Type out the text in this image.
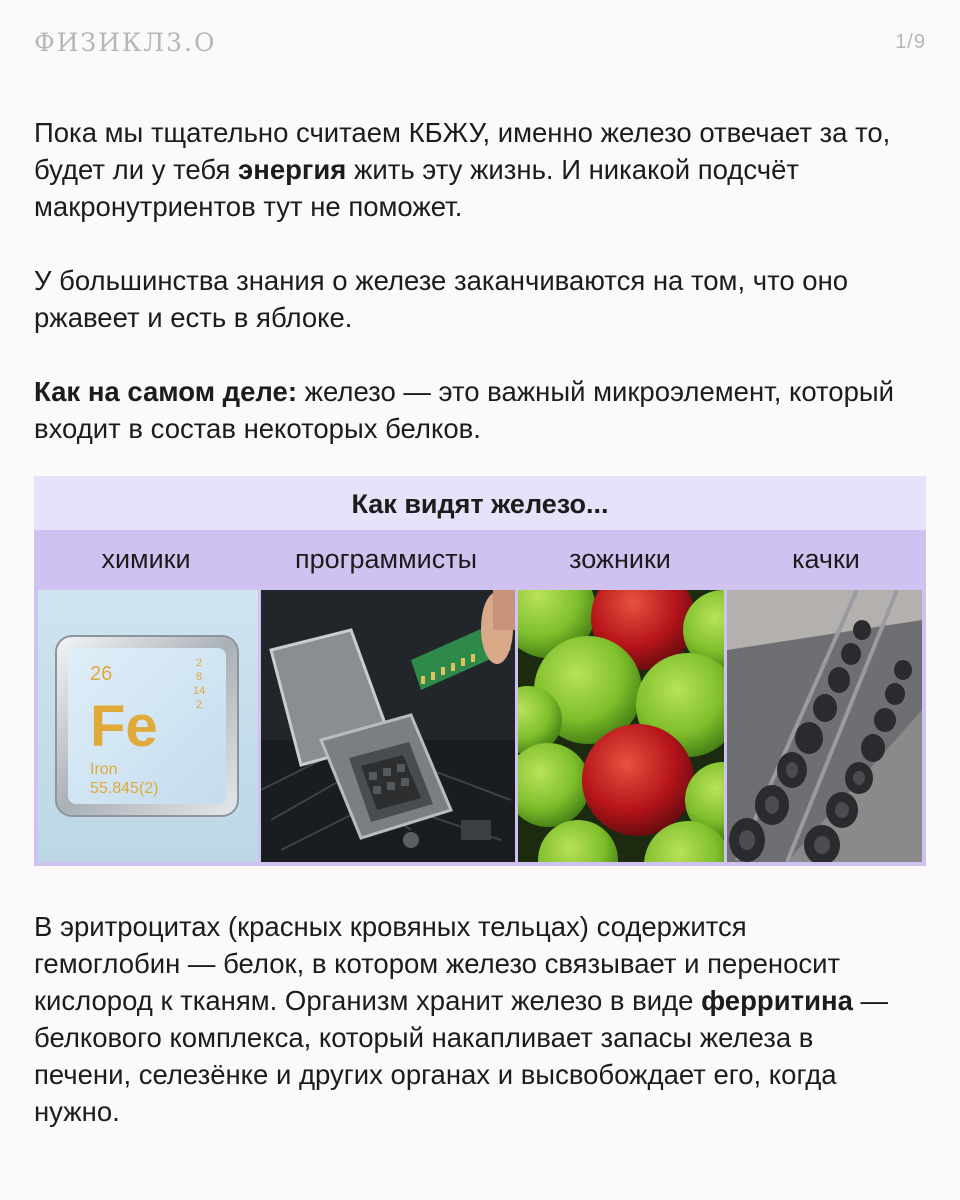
ФИЗИКЛ3.О	1/9

Пока мы тщательно считаем КБЖУ, именно железо отвечает за то, будет ли у тебя энергия жить эту жизнь. И никакой подсчёт макронутриентов тут не поможет.

У большинства знания о железе заканчиваются на том, что оно ржавеет и есть в яблоке.

Как на самом деле: железо — это важный микроэлемент, который входит в состав некоторых белков.

Как видят железо...
химики	программисты	зожники	качки
26
Fe
Iron
55.845(2)
2
8
14
2

В эритроцитах (красных кровяных тельцах) содержится гемоглобин — белок, в котором железо связывает и переносит кислород к тканям. Организм хранит железо в виде ферритина — белкового комплекса, который накапливает запасы железа в печени, селезёнке и других органах и высвобождает его, когда нужно.
